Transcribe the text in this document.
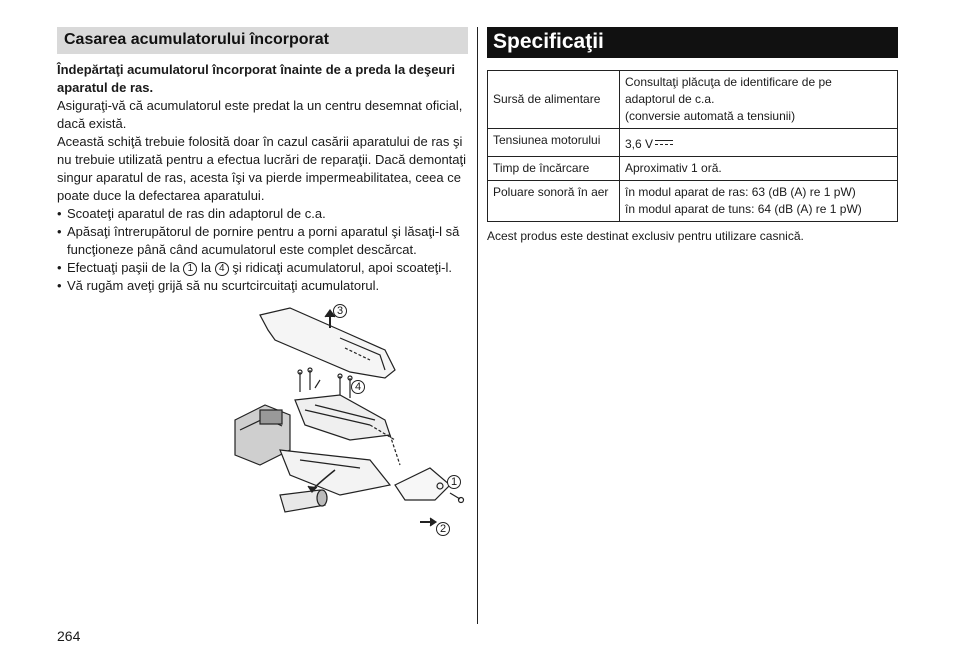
Casarea acumulatorului încorporat
Îndepărtaţi acumulatorul încorporat înainte de a preda la deşeuri aparatul de ras.
Asiguraţi-vă că acumulatorul este predat la un centru desemnat oficial, dacă există.
Această schiţă trebuie folosită doar în cazul casării aparatului de ras şi nu trebuie utilizată pentru a efectua lucrări de reparaţii. Dacă demontaţi singur aparatul de ras, acesta îşi va pierde impermeabilitatea, ceea ce poate duce la defectarea aparatului.
• Scoateţi aparatul de ras din adaptorul de c.a.
• Apăsaţi întrerupătorul de pornire pentru a porni aparatul şi lăsaţi-l să funcţioneze până când acumulatorul este complet descărcat.
• Efectuaţi paşii de la 1 la 4 şi ridicaţi acumulatorul, apoi scoateţi-l.
• Vă rugăm aveţi grijă să nu scurtcircuitaţi acumulatorul.
3
4
1
2
Specificaţii
Sursă de alimentare	Consultaţi plăcuţa de identificare de pe
adaptorul de c.a.
(conversie automată a tensiunii)

Tensiunea motorului	3,6 V
Timp de încărcare	Aproximativ 1 oră.
Poluare sonoră în aer	în modul aparat de ras: 63 (dB (A) re 1 pW)
în modul aparat de tuns: 64 (dB (A) re 1 pW)
Acest produs este destinat exclusiv pentru utilizare casnică.
264
